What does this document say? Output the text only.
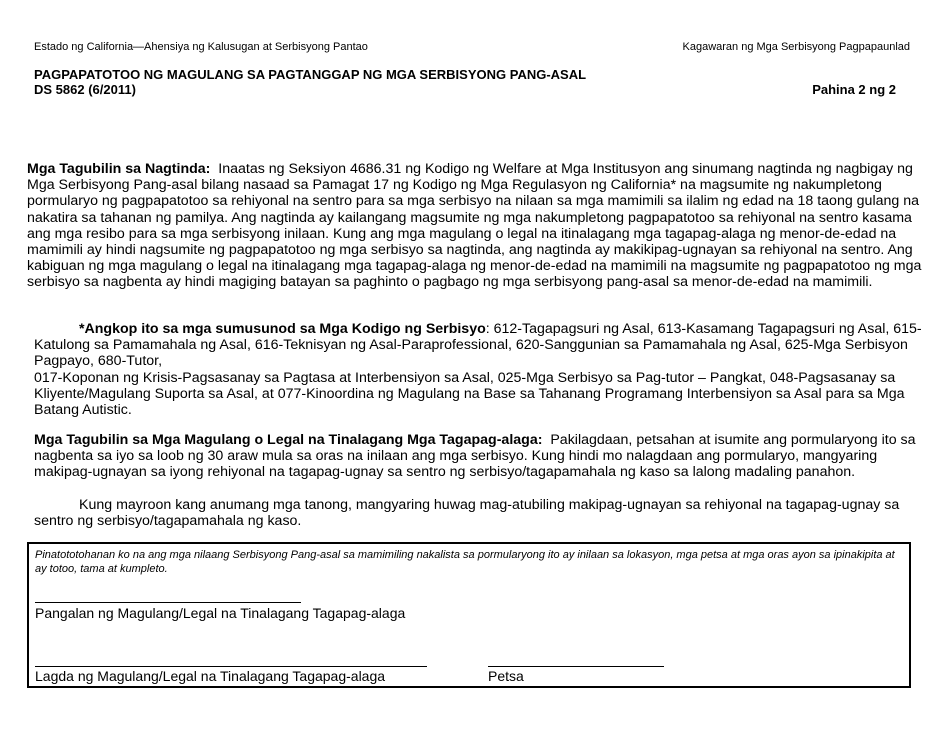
Estado ng California—Ahensiya ng Kalusugan at Serbisyong Pantao	Kagawaran ng Mga Serbisyong Pagpapaunlad
PAGPAPATOTOO NG MAGULANG SA PAGTANGGAP NG MGA SERBISYONG PANG-ASAL
DS 5862 (6/2011)	Pahina 2 ng 2

Mga Tagubilin sa Nagtinda: Inaatas ng Seksiyon 4686.31 ng Kodigo ng Welfare at Mga Institusyon ang sinumang nagtinda ng nagbigay ng Mga Serbisyong Pang-asal bilang nasaad sa Pamagat 17 ng Kodigo ng Mga Regulasyon ng California* na magsumite ng nakumpletong pormularyo ng pagpapatotoo sa rehiyonal na sentro para sa mga serbisyo na nilaan sa mga mamimili sa ilalim ng edad na 18 taong gulang na nakatira sa tahanan ng pamilya. Ang nagtinda ay kailangang magsumite ng mga nakumpletong pagpapatotoo sa rehiyonal na sentro kasama ang mga resibo para sa mga serbisyong inilaan. Kung ang mga magulang o legal na itinalagang mga tagapag-alaga ng menor-de-edad na mamimili ay hindi nagsumite ng pagpapatotoo ng mga serbisyo sa nagtinda, ang nagtinda ay makikipag-ugnayan sa rehiyonal na sentro. Ang kabiguan ng mga magulang o legal na itinalagang mga tagapag-alaga ng menor-de-edad na mamimili na magsumite ng pagpapatotoo ng mga serbisyo sa nagbenta ay hindi magiging batayan sa paghinto o pagbago ng mga serbisyong pang-asal sa menor-de-edad na mamimili.

*Angkop ito sa mga sumusunod sa Mga Kodigo ng Serbisyo: 612-Tagapagsuri ng Asal, 613-Kasamang Tagapagsuri ng Asal, 615-Katulong sa Pamamahala ng Asal, 616-Teknisyan ng Asal-Paraprofessional, 620-Sanggunian sa Pamamahala ng Asal, 625-Mga Serbisyon Pagpayo, 680-Tutor,
017-Koponan ng Krisis-Pagsasanay sa Pagtasa at Interbensiyon sa Asal, 025-Mga Serbisyo sa Pag-tutor – Pangkat, 048-Pagsasanay sa Kliyente/Magulang Suporta sa Asal, at 077-Kinoordina ng Magulang na Base sa Tahanang Programang Interbensiyon sa Asal para sa Mga Batang Autistic.

Mga Tagubilin sa Mga Magulang o Legal na Tinalagang Mga Tagapag-alaga: Pakilagdaan, petsahan at isumite ang pormularyong ito sa nagbenta sa iyo sa loob ng 30 araw mula sa oras na inilaan ang mga serbisyo. Kung hindi mo nalagdaan ang pormularyo, mangyaring makipag-ugnayan sa iyong rehiyonal na tagapag-ugnay sa sentro ng serbisyo/tagapamahala ng kaso sa lalong madaling panahon.

Kung mayroon kang anumang mga tanong, mangyaring huwag mag-atubiling makipag-ugnayan sa rehiyonal na tagapag-ugnay sa sentro ng serbisyo/tagapamahala ng kaso.

Pinatototohanan ko na ang mga nilaang Serbisyong Pang-asal sa mamimiling nakalista sa pormularyong ito ay inilaan sa lokasyon, mga petsa at mga oras ayon sa ipinakipita at ay totoo, tama at kumpleto.
Pangalan ng Magulang/Legal na Tinalagang Tagapag-alaga
Lagda ng Magulang/Legal na Tinalagang Tagapag-alaga	Petsa
